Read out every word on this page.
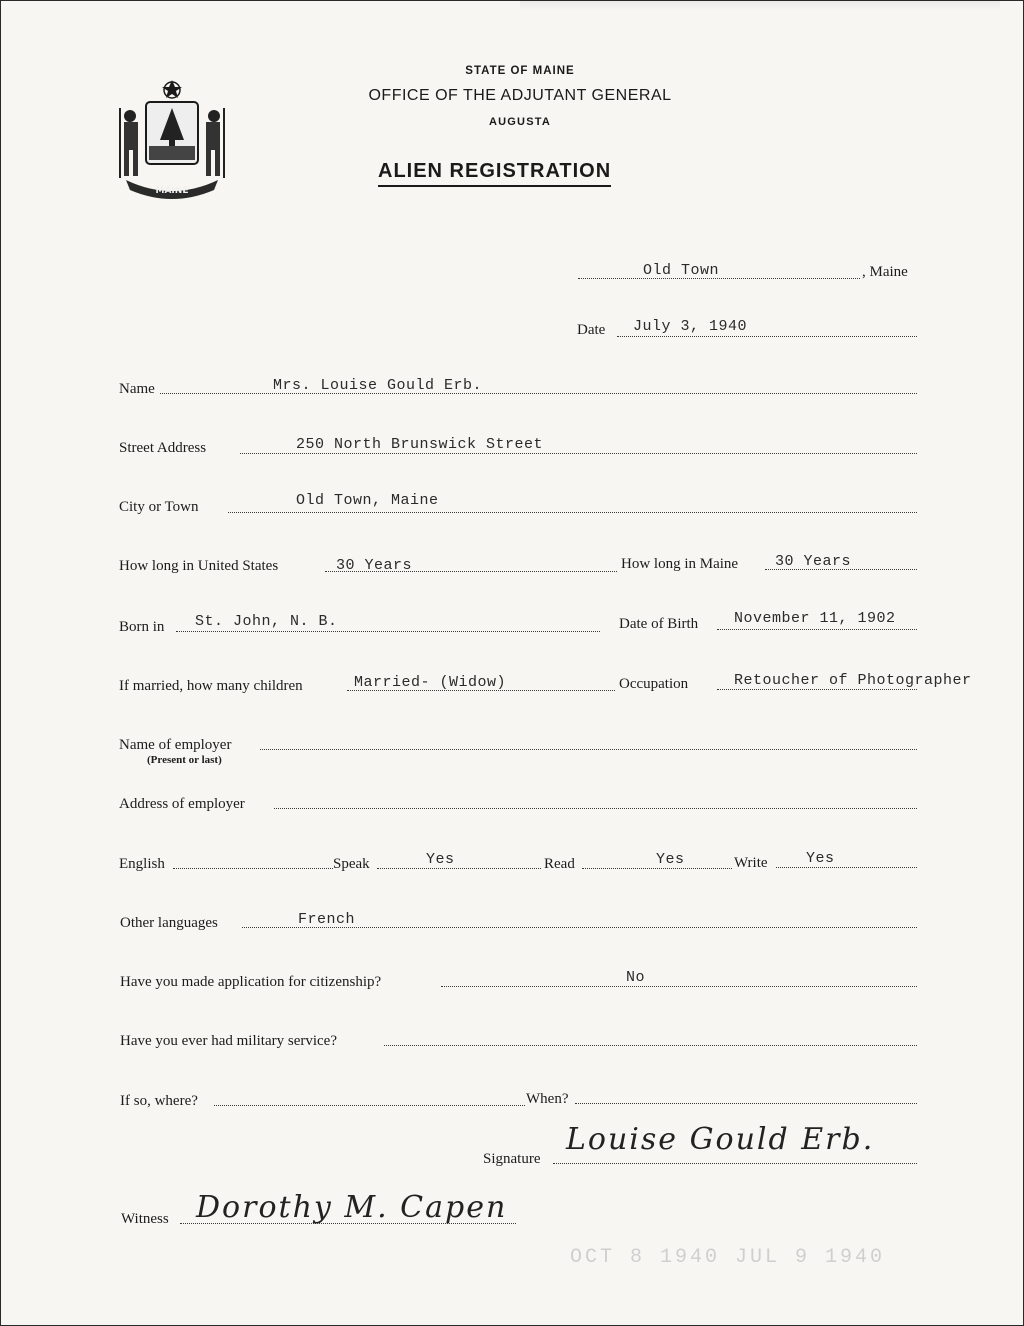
MAINE
STATE OF MAINE
OFFICE OF THE ADJUTANT GENERAL
AUGUSTA
ALIEN REGISTRATION
Old Town	, Maine
Date July 3, 1940
Name	Mrs. Louise Gould Erb.
Street Address	250 North Brunswick Street
City or Town	Old Town, Maine
How long in United States	30 Years	How long in Maine 30 Years
Born in St. John, N. B.	Date of Birth November 11, 1902
If married, how many children	Married- (Widow)	Occupation	Retoucher of Photographer
Name of employer
(Present or last)
Address of employer
English	Speak	Yes	Read	Yes	Write	Yes
Other languages	French
Have you made application for citizenship?	No
Have you ever had military service?
If so, where?	When?
Signature
Louise Gould Erb.
Witness Dorothy M. Capen
OCT 8 1940 JUL 9 1940
